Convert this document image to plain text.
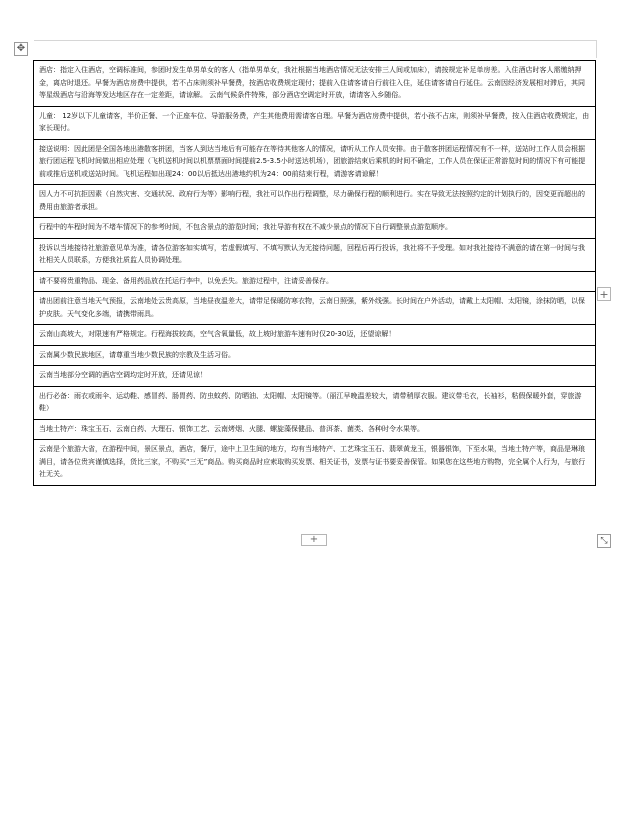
✥
酒店：指定入住酒店，空调标准间，参团时发生单男单女的客人（指单男单女，我社根据当地酒店情况无法安排三人间或加床），请按规定补足单房差。入住酒店时客人需缴纳押金，离店时退还。早餐为酒店房费中提供，若不占床则须补早餐费，按酒店收费规定现付；提前入住请客请自行前往入住，延住请客请自行延住。云南因经济发展相对滞后，其同等星级酒店与沿海等发达地区存在一定差距，请谅解。 云南气候条件特殊，部分酒店空调定时开放，请请客入乡随俗。
儿童： 12岁以下儿童请客，半价正餐、一个正座车位、导游服务费，产生其他费用需请客自理。早餐为酒店房费中提供，若小孩不占床，则须补早餐费，按入住酒店收费规定，由家长现付。
接送说明：因此团是全国各地出港散客拼团，当客人到达当地后有可能存在等待其他客人的情况，请听从工作人员安排。由于散客拼团运程情况有不一样，送站时工作人员会根据旅行团运程飞机时间做出相应处理（飞机送机时间以机票票面时间提前2.5-3.5小时送达机场），团旅游结束后乘机的时间不确定，工作人员在保证正常游览时间的情况下有可能提前或推后送机或送站时间。飞机运程如出现24：00以后抵达出港地约机为24：00前结束行程，请游客请谅解！
因人力不可抗拒因素（自然灾害、交通状况、政府行为等）影响行程，我社可以作出行程调整，尽力确保行程的顺利进行。实在导致无法按照约定的计划执行的，因变更而超出的费用由旅游者承担。
行程中的车程时间为不堵车情况下的参考时间，不包含景点的游览时间；我社导游有权在不减少景点的情况下自行调整景点游览顺序。
投诉以当地接待社旅游意见单为准，请各位游客如实填写，若虚假填写、不填写默认为无接待问题，回程后再行投诉，我社将不予受理。如对我社接待不满意的请在第一时间与我社相关人员联系，方便我社质监人员协调处理。
请不要将贵重物品、现金、备用药品放在托运行李中，以免丢失。旅游过程中，注请妥善保存。
请出团前注意当地天气预报，云南地处云贵高原，当地昼夜温差大，请带足保暖防寒衣物，云南日照强，紫外线强。长时间在户外活动，请戴上太阳帽、太阳镜，涂抹防晒，以保护皮肤。天气变化多端，请携带雨具。
云南山高坡大，对限速有严格规定。行程海拔较高，空气含氧量低，故上坡时旅游车速有时仅20-30迈，还望谅解！
云南属少数民族地区，请尊重当地少数民族的宗教及生活习俗。
云南当地部分空调的酒店空调均定时开放，还请见谅！
出行必备：雨衣或雨伞、运动鞋、感冒药、肠胃药、防虫蚊药、防晒油、太阳帽、太阳镜等。（丽江早晚温差较大，请带稍厚衣服。建议带毛衣，长袖衫，粘假保暖外套，穿旅游鞋）
当地土特产：珠宝玉石、云南白药、大理石、银饰工艺、云南烤烟、火腿、螺旋藻保健品、普洱茶、菌类、各种时令水果等。
云南是个旅游大省，在游程中间，景区景点，酒店，餐厅，途中上卫生间的地方，均有当地特产、工艺珠宝玉石、翡翠黄龙玉，银器银饰，下至水果，当地土特产等，商品是琳琅满目，请各位贵宾谨慎选择，货比三家，不购买“三无”商品。购买商品时应索取购买发票、相关证书，发票与证书要妥善保管。如果您在这些地方购物，完全属个人行为，与旅行社无关。
+
+	⤡
